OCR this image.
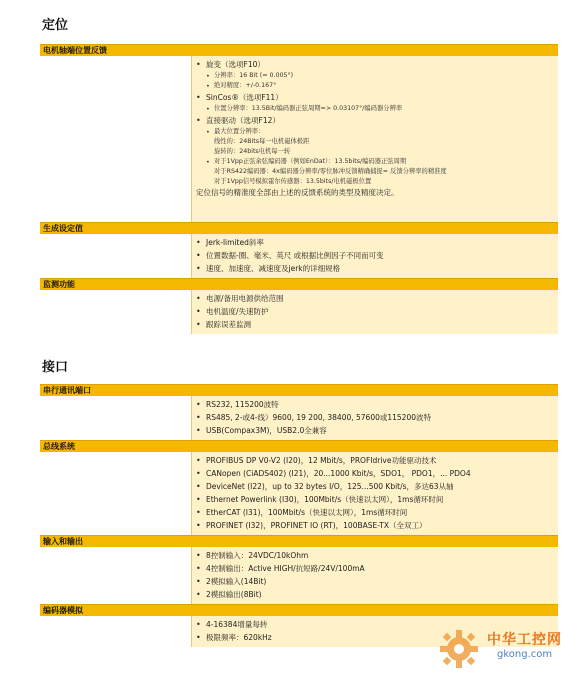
定位
电机轴端位置反馈
• 旋变（选项F10）
• 分辨率：16 Bit (= 0.005°)
• 绝对精度：+/-0.167°
• SinCos®（选项F11）
• 位置分辨率：13.5Bit/编码器正弦周期=> 0.03107°/编码器分辨率
• 直接驱动（选项F12）
• 最大位置分辨率：
线性的：24Bits每一电机磁体极距
旋转的：24bits电机每一转
• 对于1Vpp正弦余弦编码器（例如EnDat）：13.5bits/编码器正弦周期
对于RS422编码器：4x编码器分辨率/零位脉冲反馈精确捕捉= 反馈分辨率的精准度
对于1Vpp信号模拟霍尔传感器：13.5bits/电机磁极位置
定位信号的精准度全部由上述的反馈系统的类型及精度决定。
生成设定值
• Jerk-limited斜率
• 位置数据-圈、毫米、英尺 或根据比例因子不同而可变
• 速度、加速度、减速度及jerk的详细规格
监测功能
• 电源/备用电源供给范围
• 电机温度/失速防护
• 跟踪误差监测
接口
串行通讯端口
• RS232, 115200波特
• RS485, 2-或4-线）9600, 19 200, 38400, 57600或115200波特
• USB(Compax3M)，USB2.0全兼容
总线系统
• PROFIBUS DP V0-V2 (I20)，12 Mbit/s，PROFIdrive功能驱动技术
• CANopen (CiADS402) (I21)，20...1000 Kbit/s，SDO1， PDO1，... PDO4
• DeviceNet (I22)，up to 32 bytes I/O，125...500 Kbit/s，多达63从轴
• Ethernet Powerlink (I30)，100Mbit/s（快速以太网），1ms循环时间
• EtherCAT (I31)，100Mbit/s（快速以太网），1ms循环时间
• PROFINET (I32)，PROFINET IO (RT)，100BASE-TX（全双工）
输入和输出
• 8控制输入：24VDC/10kOhm
• 4控制输出：Active HIGH/抗短路/24V/100mA
• 2模拟输入(14Bit)
• 2模拟输出(8Bit)
编码器模拟
• 4-16384增量每转
• 极限频率：620kHz	中华工控网
gkong.com
